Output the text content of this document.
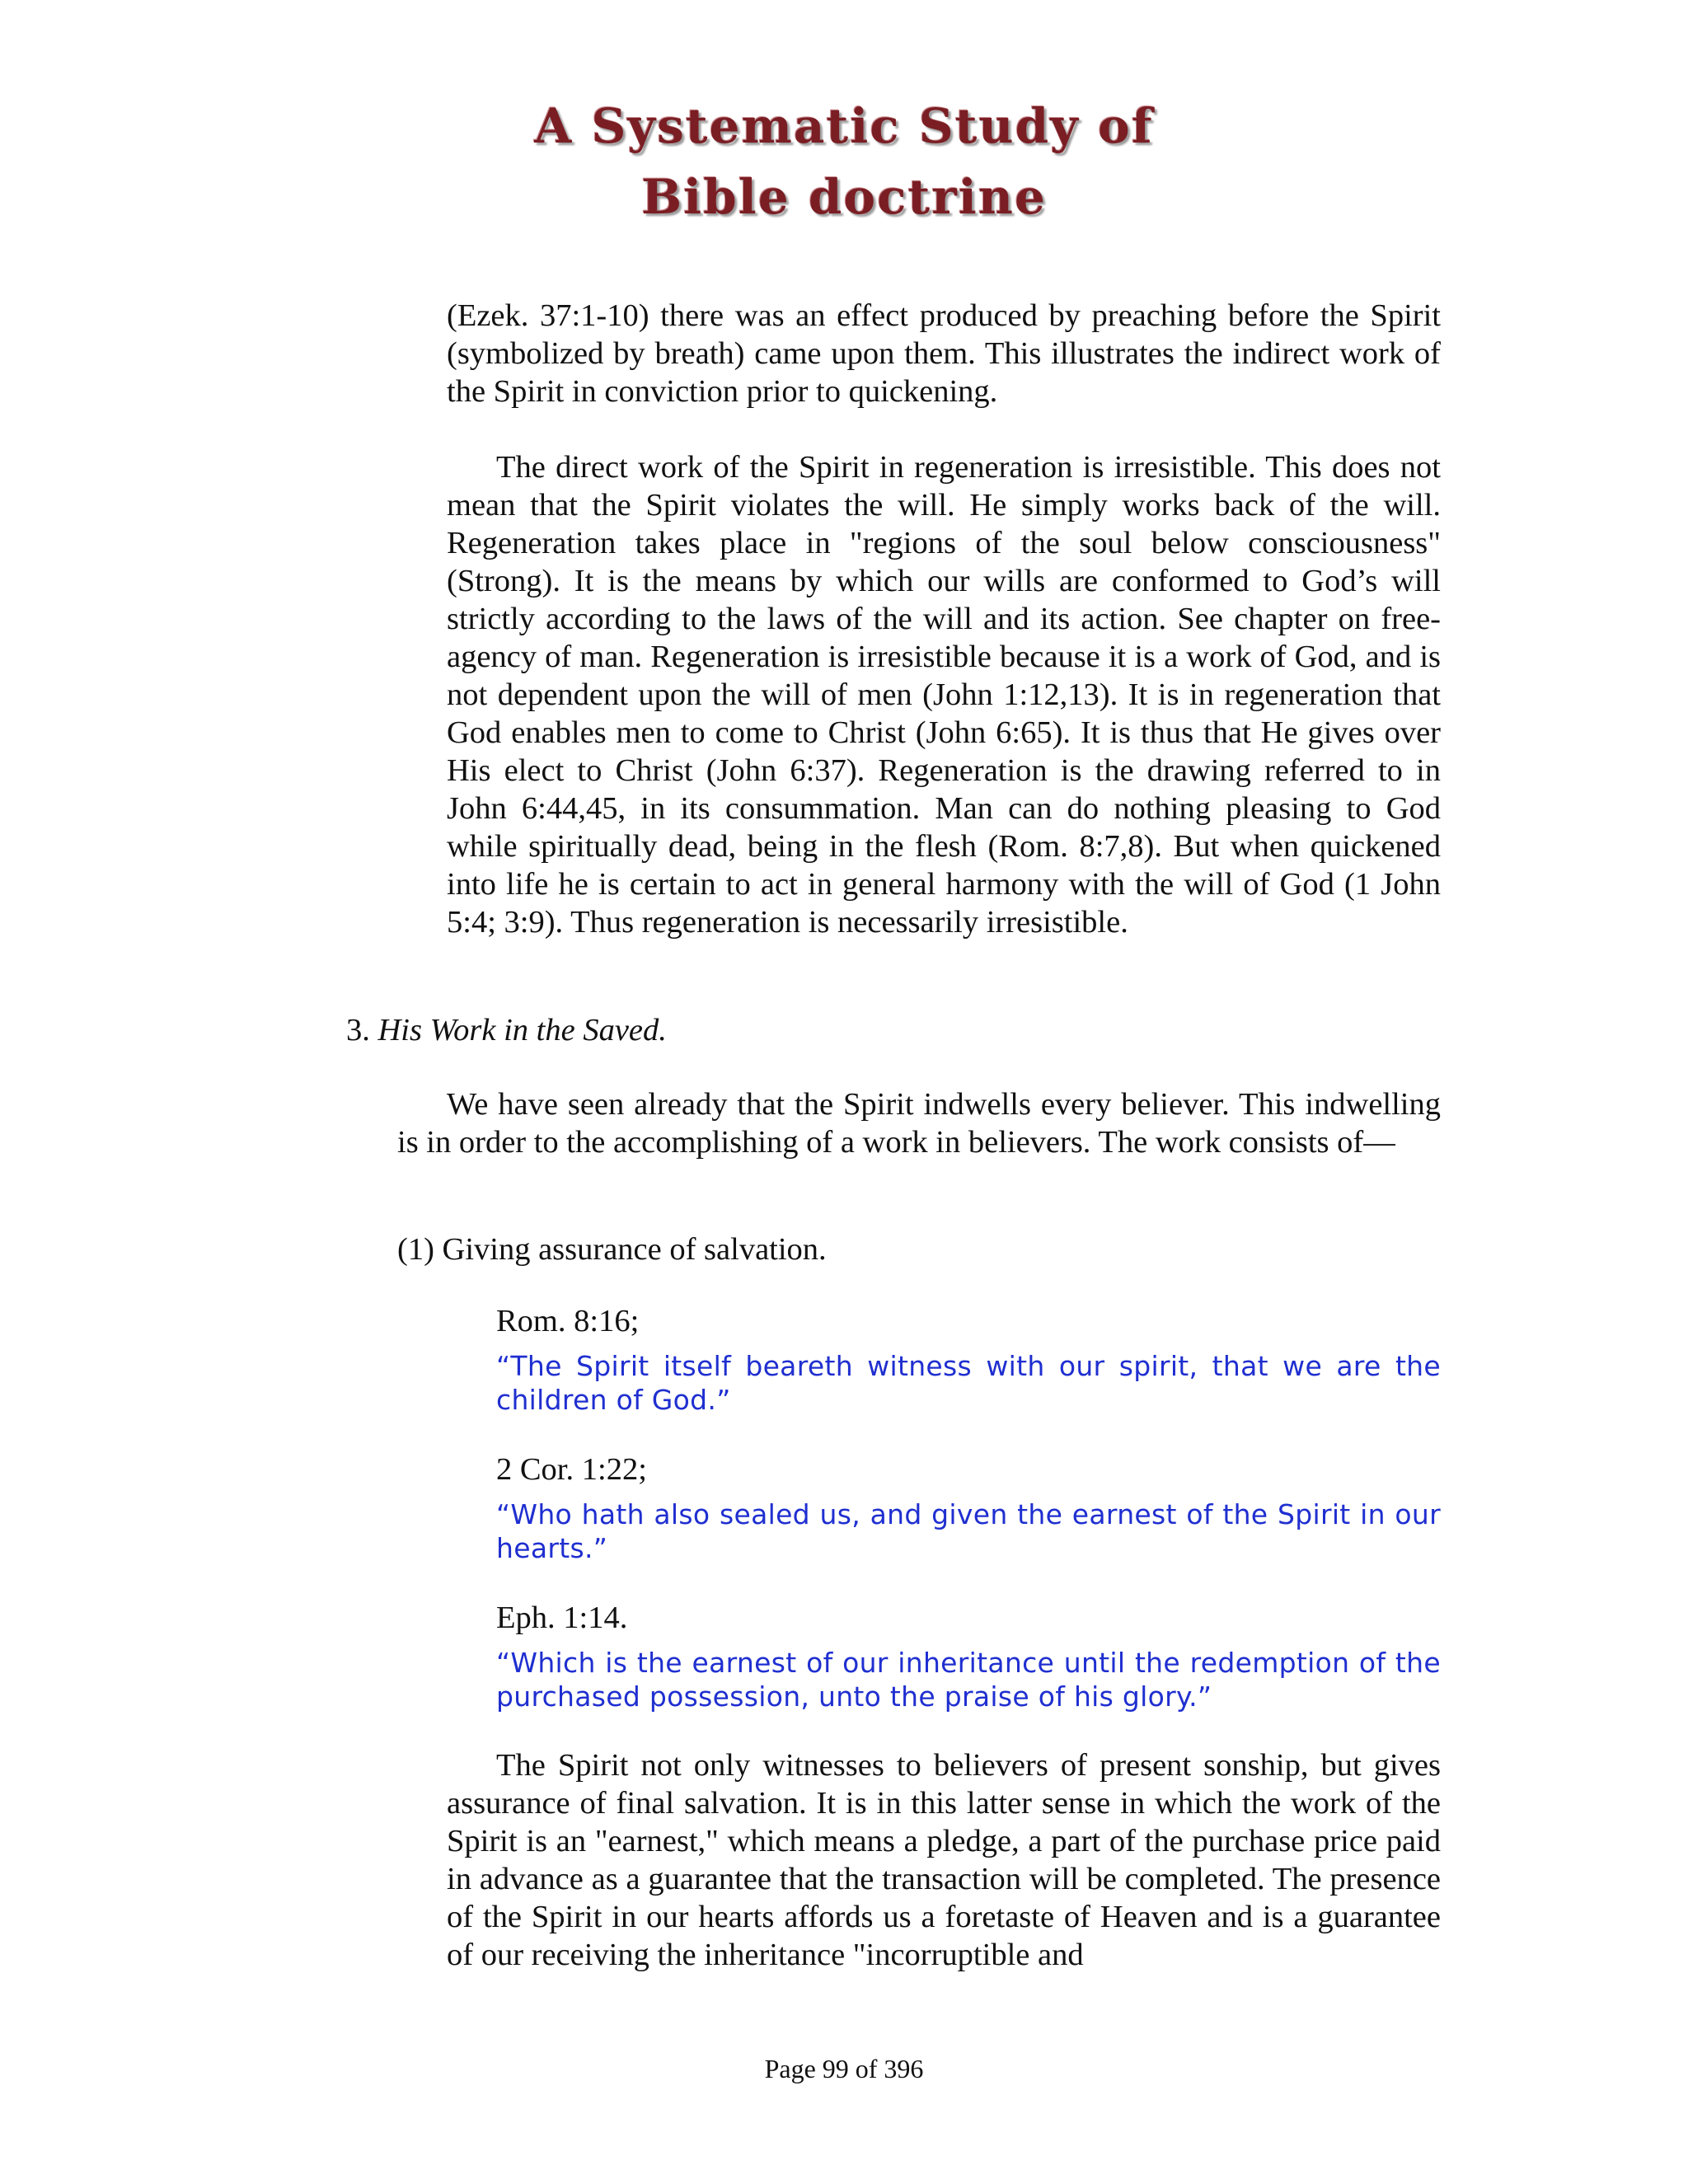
A Systematic Study of
Bible doctrine

(Ezek. 37:1-10) there was an effect produced by preaching before the Spirit (symbolized by breath) came upon them. This illustrates the indirect work of the Spirit in conviction prior to quickening.

The direct work of the Spirit in regeneration is irresistible. This does not mean that the Spirit violates the will. He simply works back of the will. Regeneration takes place in "regions of the soul below consciousness" (Strong). It is the means by which our wills are conformed to God’s will strictly according to the laws of the will and its action. See chapter on free-agency of man. Regeneration is irresistible because it is a work of God, and is not dependent upon the will of men (John 1:12,13). It is in regeneration that God enables men to come to Christ (John 6:65). It is thus that He gives over His elect to Christ (John 6:37). Regeneration is the drawing referred to in John 6:44,45, in its consummation. Man can do nothing pleasing to God while spiritually dead, being in the flesh (Rom. 8:7,8). But when quickened into life he is certain to act in general harmony with the will of God (1 John 5:4; 3:9). Thus regeneration is necessarily irresistible.

3. His Work in the Saved.

We have seen already that the Spirit indwells every believer. This indwelling is in order to the accomplishing of a work in believers. The work consists of—

(1) Giving assurance of salvation.

Rom. 8:16;

“The Spirit itself beareth witness with our spirit, that we are the children of God.”

2 Cor. 1:22;

“Who hath also sealed us, and given the earnest of the Spirit in our hearts.”

Eph. 1:14.

“Which is the earnest of our inheritance until the redemption of the purchased possession, unto the praise of his glory.”

The Spirit not only witnesses to believers of present sonship, but gives assurance of final salvation. It is in this latter sense in which the work of the Spirit is an "earnest," which means a pledge, a part of the purchase price paid in advance as a guarantee that the transaction will be completed. The presence of the Spirit in our hearts affords us a foretaste of Heaven and is a guarantee of our receiving the inheritance "incorruptible and

Page 99 of 396
